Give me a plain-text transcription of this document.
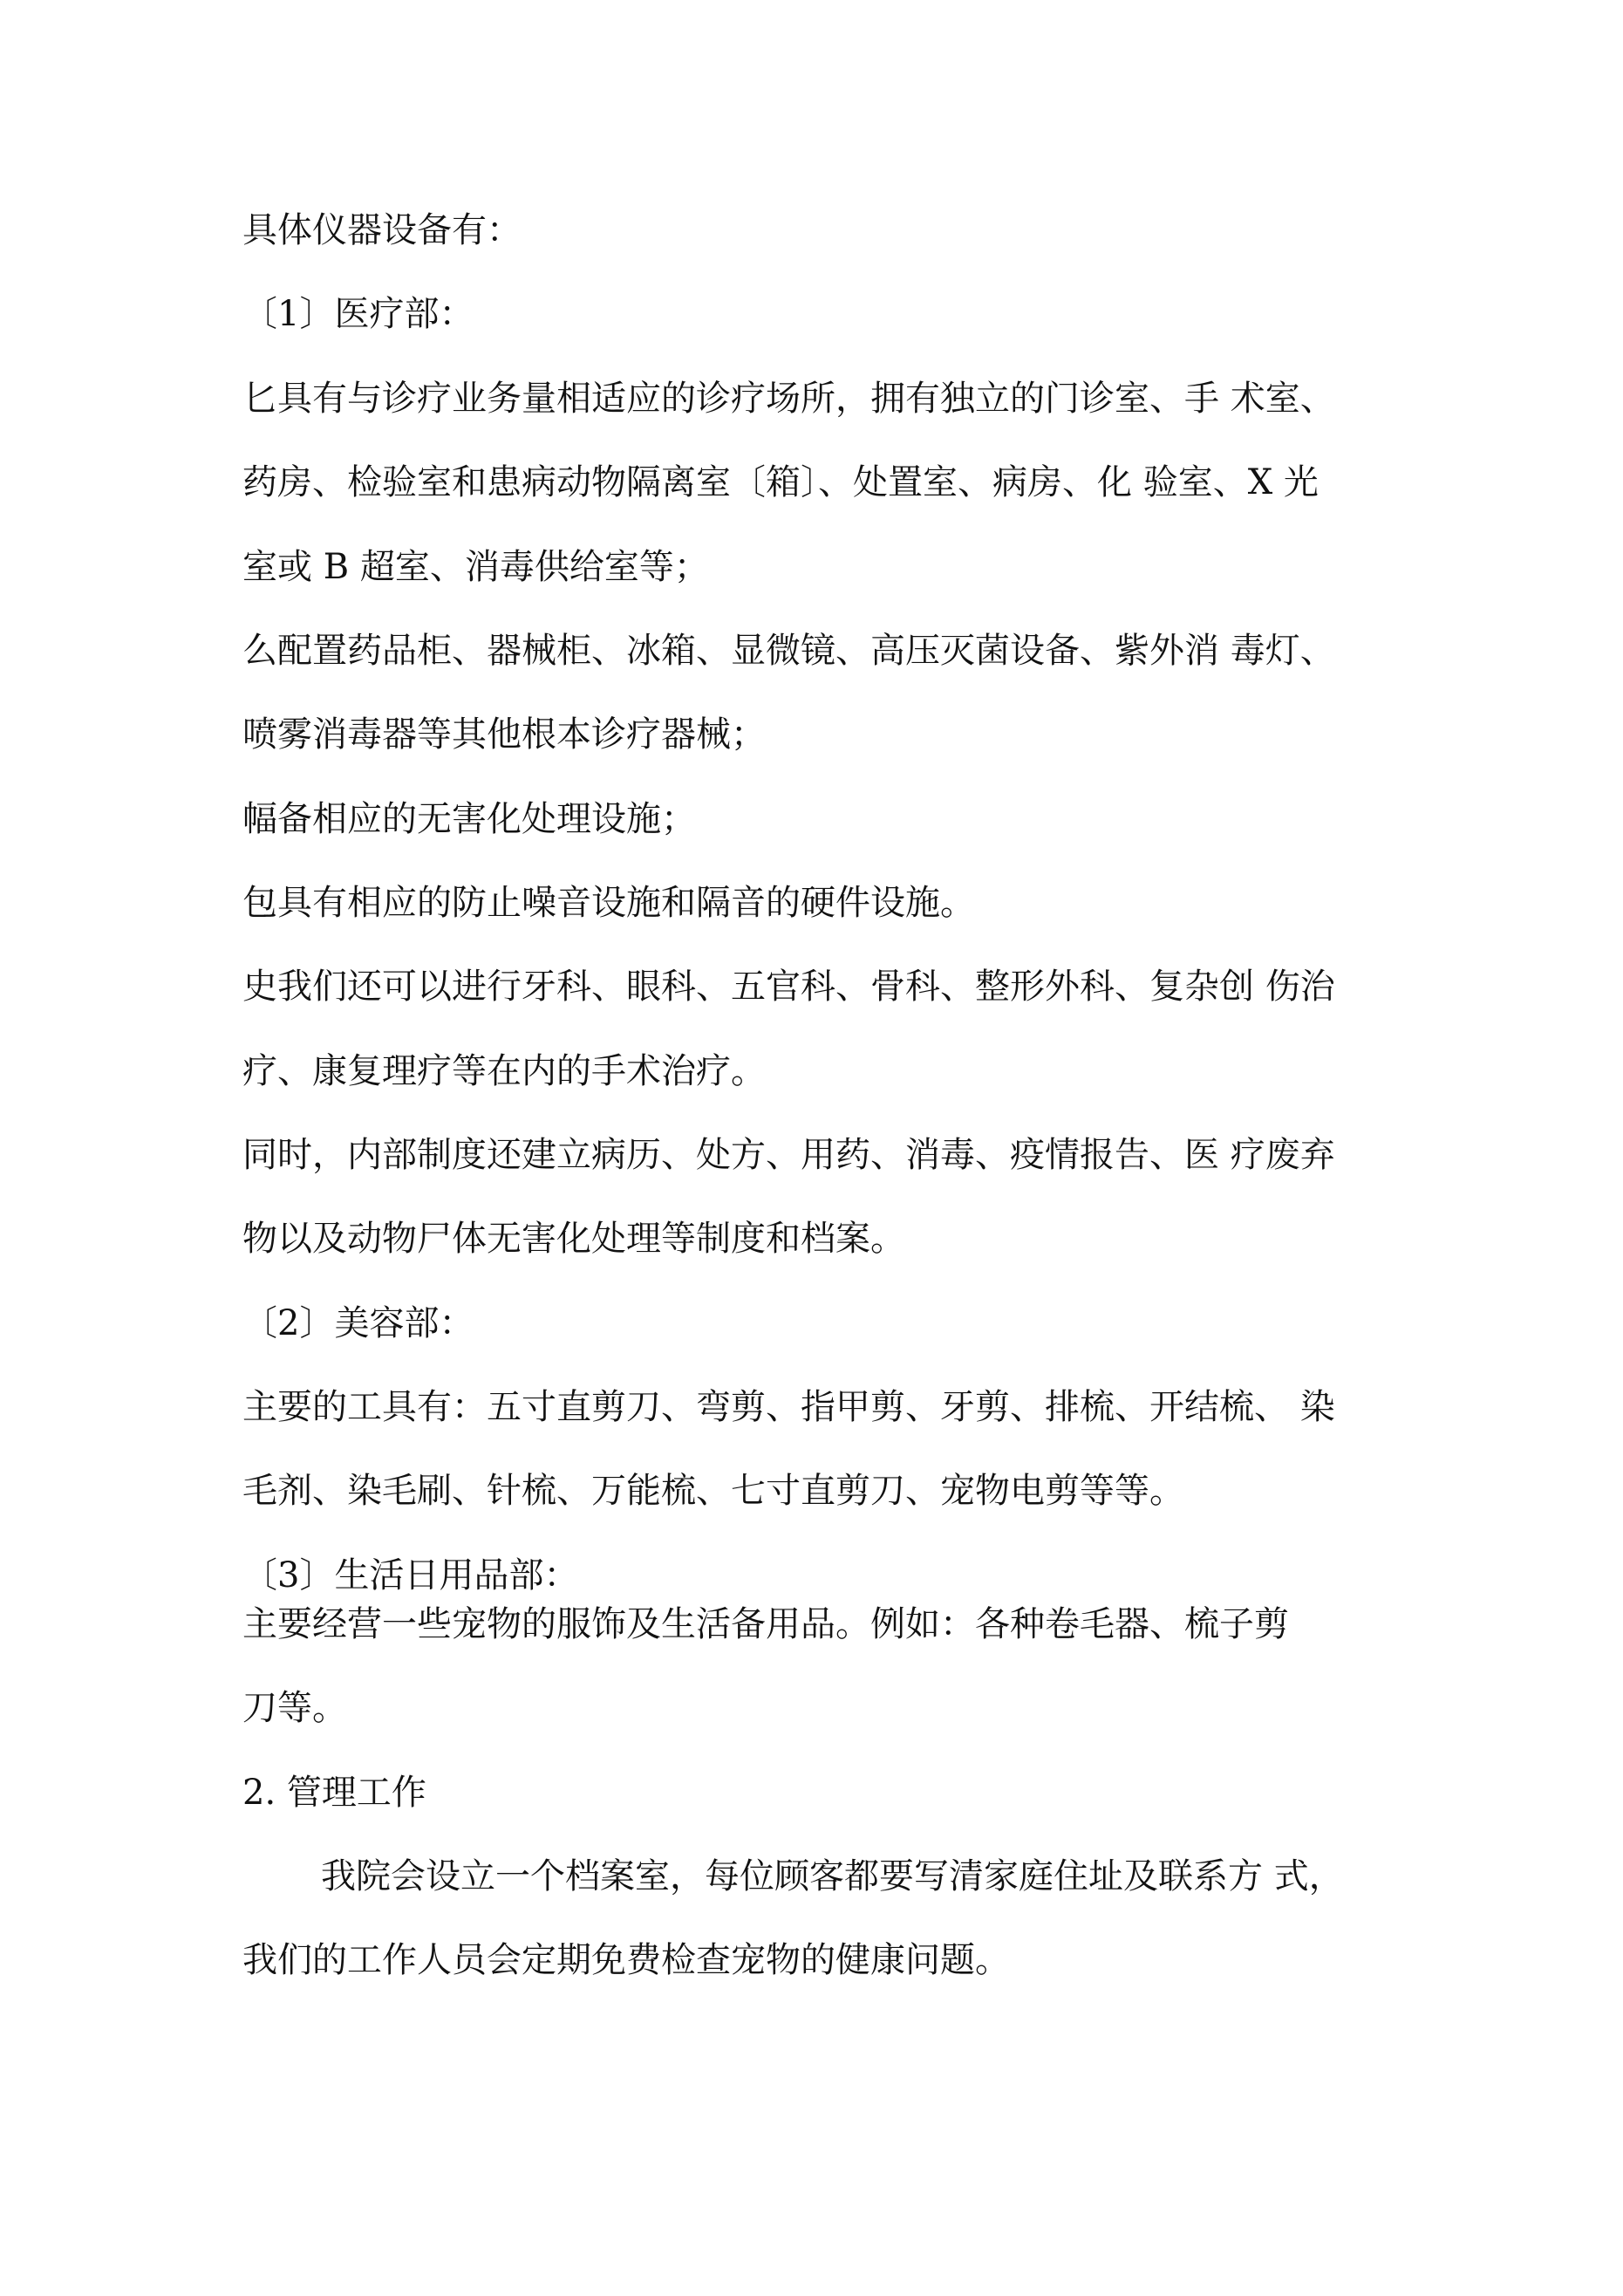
具体仪器设备有：

〔1〕医疗部：

匕具有与诊疗业务量相适应的诊疗场所，拥有独立的门诊室、手 术室、

药房、检验室和患病动物隔离室〔箱〕、处置室、病房、化 验室、X 光

室或 B 超室、消毒供给室等；

么配置药品柜、器械柜、冰箱、显微镜、高压灭菌设备、紫外消 毒灯、

喷雾消毒器等其他根本诊疗器械；

幅备相应的无害化处理设施；

包具有相应的防止噪音设施和隔音的硬件设施。

史我们还可以进行牙科、眼科、五官科、骨科、整形外科、复杂创 伤治

疗、康复理疗等在内的手术治疗。

同时，内部制度还建立病历、处方、用药、消毒、疫情报告、医 疗废弃

物以及动物尸体无害化处理等制度和档案。

〔2〕美容部：

主要的工具有：五寸直剪刀、弯剪、指甲剪、牙剪、排梳、开结梳、 染

毛剂、染毛刷、针梳、万能梳、七寸直剪刀、宠物电剪等等。

〔3〕生活日用品部：

主要经营一些宠物的服饰及生活备用品。例如：各种卷毛器、梳子剪

刀等。

2. 管理工作

我院会设立一个档案室，每位顾客都要写清家庭住址及联系方 式，

我们的工作人员会定期免费检查宠物的健康问题。
